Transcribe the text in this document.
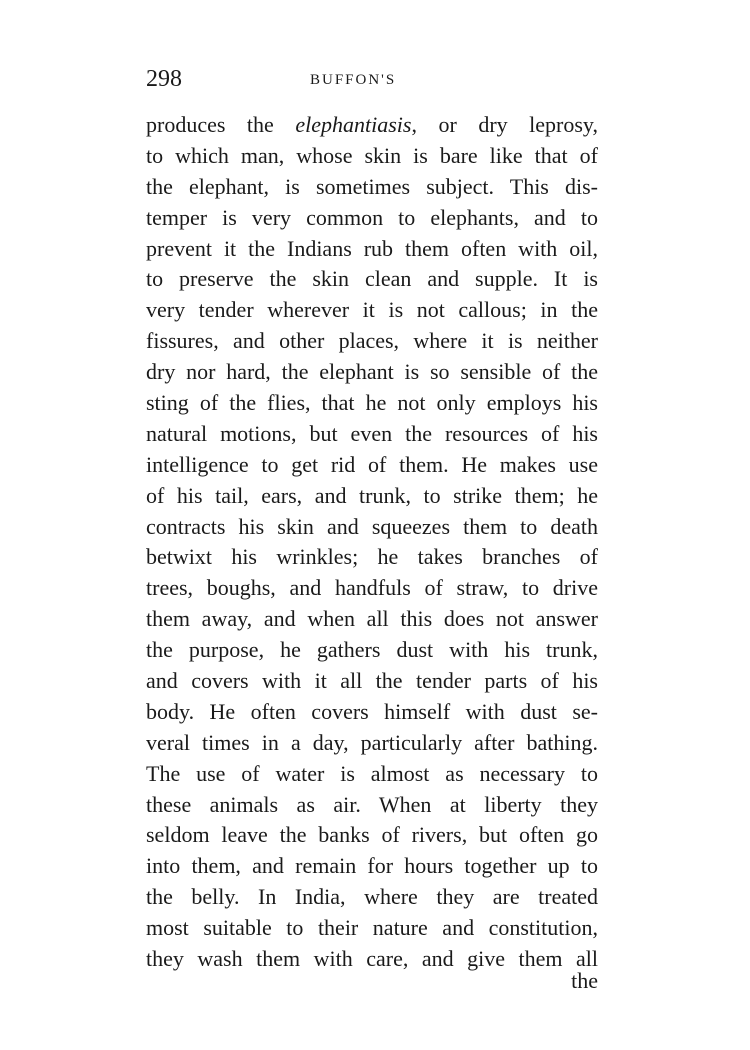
298	BUFFON'S
produces the elephantiasis, or dry leprosy,
to which man, whose skin is bare like that of
the elephant, is sometimes subject. This dis-
temper is very common to elephants, and to
prevent it the Indians rub them often with oil,
to preserve the skin clean and supple. It is
very tender wherever it is not callous; in the
fissures, and other places, where it is neither
dry nor hard, the elephant is so sensible of the
sting of the flies, that he not only employs his
natural motions, but even the resources of his
intelligence to get rid of them. He makes use
of his tail, ears, and trunk, to strike them; he
contracts his skin and squeezes them to death
betwixt his wrinkles; he takes branches of
trees, boughs, and handfuls of straw, to drive
them away, and when all this does not answer
the purpose, he gathers dust with his trunk,
and covers with it all the tender parts of his
body. He often covers himself with dust se-
veral times in a day, particularly after bathing.
The use of water is almost as necessary to
these animals as air. When at liberty they
seldom leave the banks of rivers, but often go
into them, and remain for hours together up to
the belly. In India, where they are treated
most suitable to their nature and constitution,
they wash them with care, and give them all
the
